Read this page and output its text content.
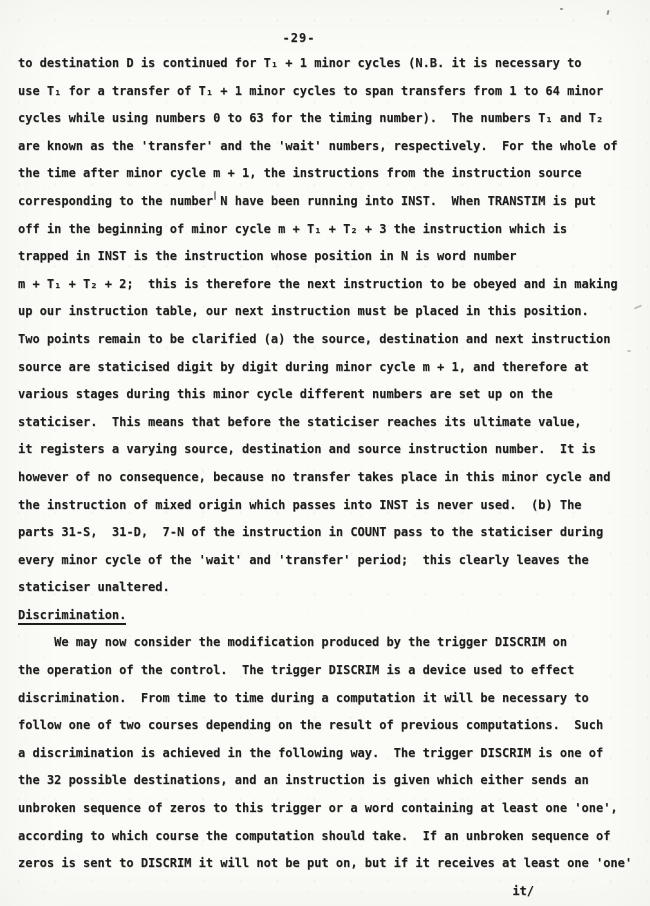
-29-
to destination D is continued for T₁ + 1 minor cycles (N.B. it is necessary to
use T₁ for a transfer of T₁ + 1 minor cycles to span transfers from 1 to 64 minor
cycles while using numbers 0 to 63 for the timing number).  The numbers T₁ and T₂
are known as the 'transfer' and the 'wait' numbers, respectively.  For the whole of
the time after minor cycle m + 1, the instructions from the instruction source
corresponding to the number N have been running into INST.  When TRANSTIM is put
off in the beginning of minor cycle m + T₁ + T₂ + 3 the instruction which is
trapped in INST is the instruction whose position in N is word number
m + T₁ + T₂ + 2;  this is therefore the next instruction to be obeyed and in making
up our instruction table, our next instruction must be placed in this position.
Two points remain to be clarified (a) the source, destination and next instruction
source are staticised digit by digit during minor cycle m + 1, and therefore at
various stages during this minor cycle different numbers are set up on the
staticiser.  This means that before the staticiser reaches its ultimate value,
it registers a varying source, destination and source instruction number.  It is
however of no consequence, because no transfer takes place in this minor cycle and
the instruction of mixed origin which passes into INST is never used.  (b) The
parts 31-S,  31-D,  7-N of the instruction in COUNT pass to the staticiser during
every minor cycle of the 'wait' and 'transfer' period;  this clearly leaves the
staticiser unaltered.
Discrimination.
We may now consider the modification produced by the trigger DISCRIM on
the operation of the control.  The trigger DISCRIM is a device used to effect
discrimination.  From time to time during a computation it will be necessary to
follow one of two courses depending on the result of previous computations.  Such
a discrimination is achieved in the following way.  The trigger DISCRIM is one of
the 32 possible destinations, and an instruction is given which either sends an
unbroken sequence of zeros to this trigger or a word containing at least one 'one',
according to which course the computation should take.  If an unbroken sequence of
zeros is sent to DISCRIM it will not be put on, but if it receives at least one 'one'
it/
